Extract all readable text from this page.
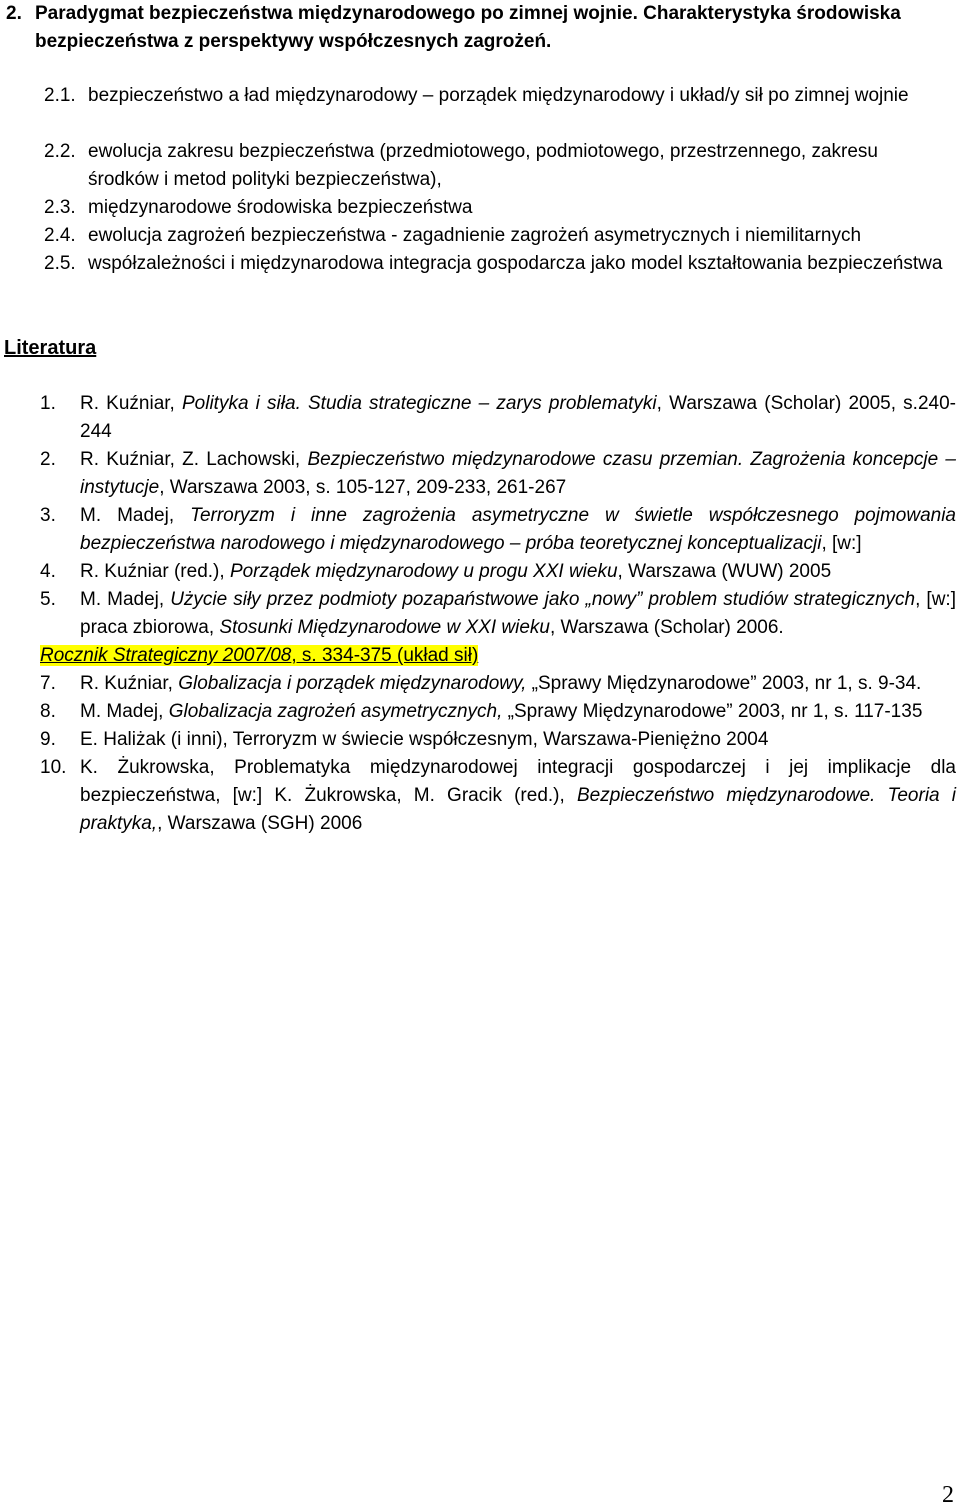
2. Paradygmat bezpieczeństwa międzynarodowego po zimnej wojnie. Charakterystyka środowiska bezpieczeństwa z perspektywy współczesnych zagrożeń.
2.1. bezpieczeństwo a ład międzynarodowy – porządek międzynarodowy i układ/y sił po zimnej wojnie
2.2. ewolucja zakresu bezpieczeństwa (przedmiotowego, podmiotowego, przestrzennego, zakresu środków i metod polityki bezpieczeństwa),
2.3. międzynarodowe środowiska bezpieczeństwa
2.4. ewolucja zagrożeń bezpieczeństwa - zagadnienie zagrożeń asymetrycznych i niemilitarnych
2.5. współzależności i międzynarodowa integracja gospodarcza jako model kształtowania bezpieczeństwa
Literatura
1.	R. Kuźniar, Polityka i siła. Studia strategiczne – zarys problematyki, Warszawa (Scholar) 2005, s.240-244
2.	R. Kuźniar, Z. Lachowski, Bezpieczeństwo międzynarodowe czasu przemian. Zagrożenia koncepcje – instytucje, Warszawa 2003, s. 105-127, 209-233, 261-267
3.	M. Madej, Terroryzm i inne zagrożenia asymetryczne w świetle współczesnego pojmowania bezpieczeństwa narodowego i międzynarodowego – próba teoretycznej konceptualizacji, [w:]
4.	R. Kuźniar (red.), Porządek międzynarodowy u progu XXI wieku, Warszawa (WUW) 2005
5.	M. Madej, Użycie siły przez podmioty pozapaństwowe jako „nowy” problem studiów strategicznych, [w:] praca zbiorowa, Stosunki Międzynarodowe w XXI wieku, Warszawa (Scholar) 2006.
Rocznik Strategiczny 2007/08, s. 334-375 (układ sił)
7.	R. Kuźniar, Globalizacja i porządek międzynarodowy, „Sprawy Międzynarodowe” 2003, nr 1, s. 9-34.
8.	M. Madej, Globalizacja zagrożeń asymetrycznych, „Sprawy Międzynarodowe” 2003, nr 1, s. 117-135
9.	E. Haliżak (i inni), Terroryzm w świecie współczesnym, Warszawa-Pieniężno 2004
10. K. Żukrowska, Problematyka międzynarodowej integracji gospodarczej i jej implikacje dla bezpieczeństwa, [w:] K. Żukrowska, M. Gracik (red.), Bezpieczeństwo międzynarodowe. Teoria i praktyka,, Warszawa (SGH) 2006
2
